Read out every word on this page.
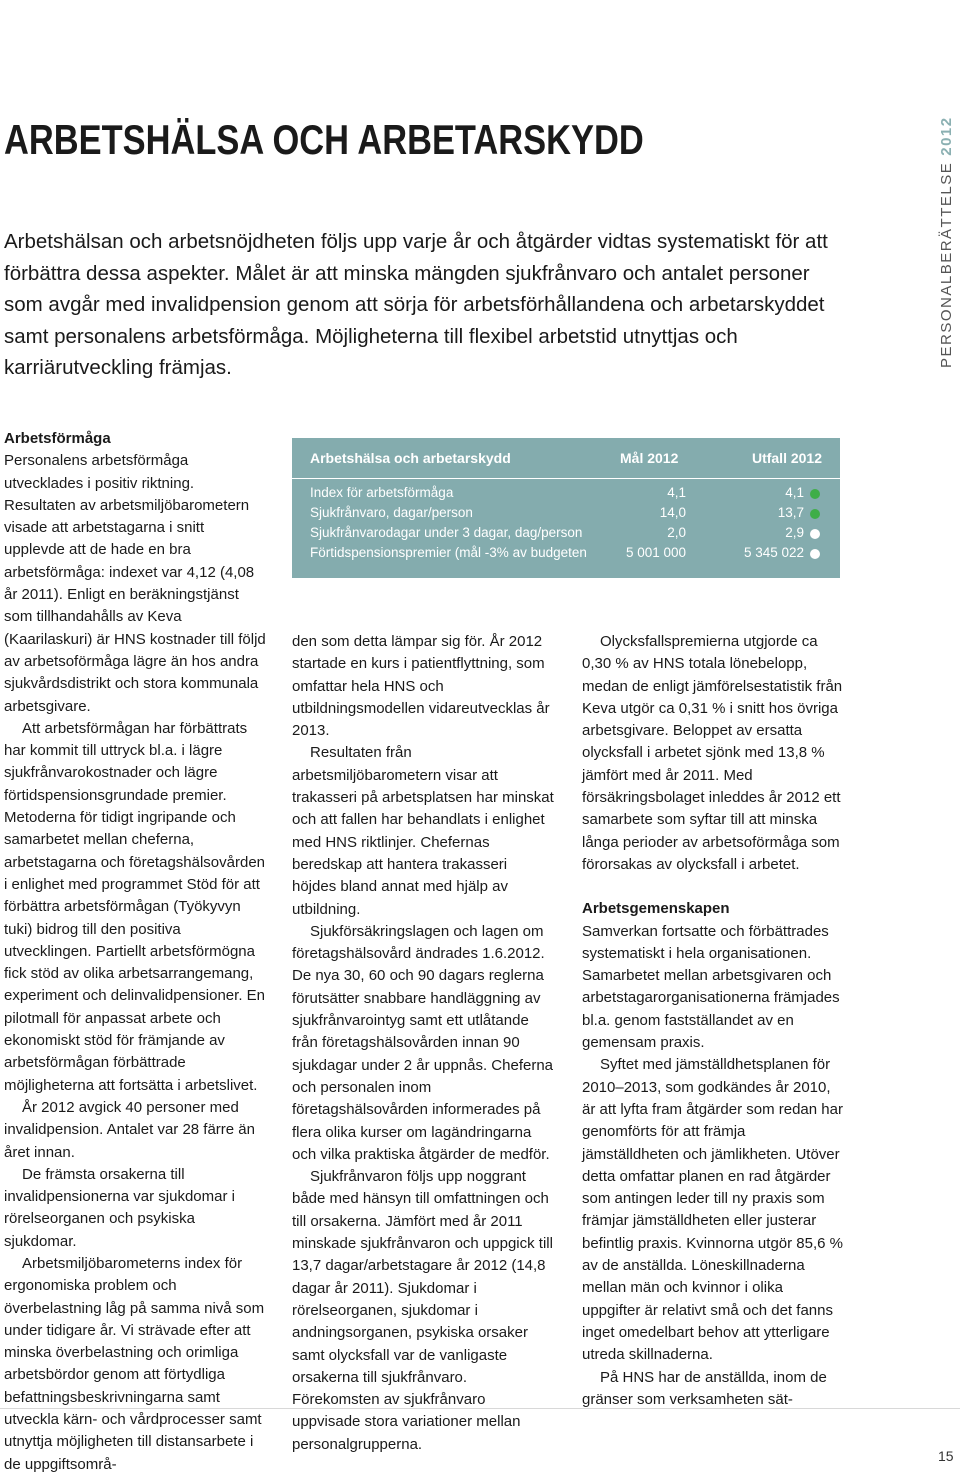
PERSONALBERÄTTELSE2012
ARBETSHÄLSA OCH ARBETARSKYDD

Arbetshälsan och arbetsnöjdheten följs upp varje år och åtgärder vidtas systematiskt för att förbättra dessa aspekter. Målet är att minska mängden sjukfrånvaro och antalet personer som avgår med invalidpension genom att sörja för arbetsförhållandena och arbetarskyddet samt personalens arbetsförmåga. Möjligheterna till flexibel arbetstid utnyttjas och karriärutveckling främjas.

Arbetsförmåga

Personalens arbetsförmåga utvecklades i positiv riktning. Resultaten av arbetsmiljöbarometern visade att arbetstagarna i snitt upplevde att de hade en bra arbetsförmåga: indexet var 4,12 (4,08 år 2011). Enligt en beräkningstjänst som tillhandahålls av Keva (Kaarilaskuri) är HNS kostnader till följd av arbetsoförmåga lägre än hos andra sjukvårdsdistrikt och stora kommunala arbetsgivare.

Att arbetsförmågan har förbättrats har kommit till uttryck bl.a. i lägre sjukfrånvarokostnader och lägre förtidspensionsgrundade premier. Metoderna för tidigt ingripande och samarbetet mellan cheferna, arbetstagarna och företagshälsovården i enlighet med programmet Stöd för att förbättra arbetsförmågan (Työkyvyn tuki) bidrog till den positiva utvecklingen. Partiellt arbetsförmögna fick stöd av olika arbetsarrangemang, experiment och delinvalidpensioner. En pilotmall för anpassat arbete och ekonomiskt stöd för främjande av arbetsförmågan förbättrade möjligheterna att fortsätta i arbetslivet.

År 2012 avgick 40 personer med invalidpension. Antalet var 28 färre än året innan.

De främsta orsakerna till invalidpensionerna var sjukdomar i rörelseorganen och psykiska sjukdomar.

Arbetsmiljöbarometerns index för ergonomiska problem och överbelastning låg på samma nivå som under tidigare år. Vi strävade efter att minska överbelastning och orimliga arbetsbördor genom att förtydliga befattningsbeskrivningarna samt utveckla kärn- och vårdprocesser samt utnyttja möjligheten till distansarbete i de uppgiftsområ-

Arbetshälsa och arbetarskydd	Mål 2012	Utfall 2012
Index för arbetsförmåga	4,1	4,1
Sjukfrånvaro, dagar/person	14,0	13,7
Sjukfrånvarodagar under 3 dagar, dag/person	2,0	2,9
Förtidspensionspremier (mål -3% av budgeten	5 001 000	5 345 022

den som detta lämpar sig för. År 2012 startade en kurs i patientflyttning, som omfattar hela HNS och utbildningsmodellen vidareutvecklas år 2013.

Resultaten från arbetsmiljöbarometern visar att trakasseri på arbetsplatsen har minskat och att fallen har behandlats i enlighet med HNS riktlinjer. Chefernas beredskap att hantera trakasseri höjdes bland annat med hjälp av utbildning.

Sjukförsäkringslagen och lagen om företagshälsovård ändrades 1.6.2012. De nya 30, 60 och 90 dagars reglerna förutsätter snabbare handläggning av sjukfrånvarointyg samt ett utlåtande från företagshälsovården innan 90 sjukdagar under 2 år uppnås. Cheferna och personalen inom företagshälsovården informerades på flera olika kurser om lagändringarna och vilka praktiska åtgärder de medför.

Sjukfrånvaron följs upp noggrant både med hänsyn till omfattningen och till orsakerna. Jämfört med år 2011 minskade sjukfrånvaron och uppgick till 13,7 dagar/arbetstagare år 2012 (14,8 dagar år 2011). Sjukdomar i rörelseorganen, sjukdomar i andningsorganen, psykiska orsaker samt olycksfall var de vanligaste orsakerna till sjukfrånvaro. Förekomsten av sjukfrånvaro uppvisade stora variationer mellan personalgrupperna.

Olycksfallspremierna utgjorde ca 0,30 % av HNS totala lönebelopp, medan de enligt jämförelsestatistik från Keva utgör ca 0,31 % i snitt hos övriga arbetsgivare. Beloppet av ersatta olycksfall i arbetet sjönk med 13,8 % jämfört med år 2011. Med försäkringsbolaget inleddes år 2012 ett samarbete som syftar till att minska långa perioder av arbetsoförmåga som förorsakas av olycksfall i arbetet.

Arbetsgemenskapen

Samverkan fortsatte och förbättrades systematiskt i hela organisationen. Samarbetet mellan arbetsgivaren och arbetstagarorganisationerna främjades bl.a. genom fastställandet av en gemensam praxis.

Syftet med jämställdhetsplanen för 2010–2013, som godkändes år 2010, är att lyfta fram åtgärder som redan har genomförts för att främja jämställdheten och jämlikheten. Utöver detta omfattar planen en rad åtgärder som antingen leder till ny praxis som främjar jämställdheten eller justerar befintlig praxis. Kvinnorna utgör 85,6 % av de anställda. Löneskillnaderna mellan män och kvinnor i olika uppgifter är relativt små och det fanns inget omedelbart behov att ytterligare utreda skillnaderna.

På HNS har de anställda, inom de gränser som verksamheten sät-

15
